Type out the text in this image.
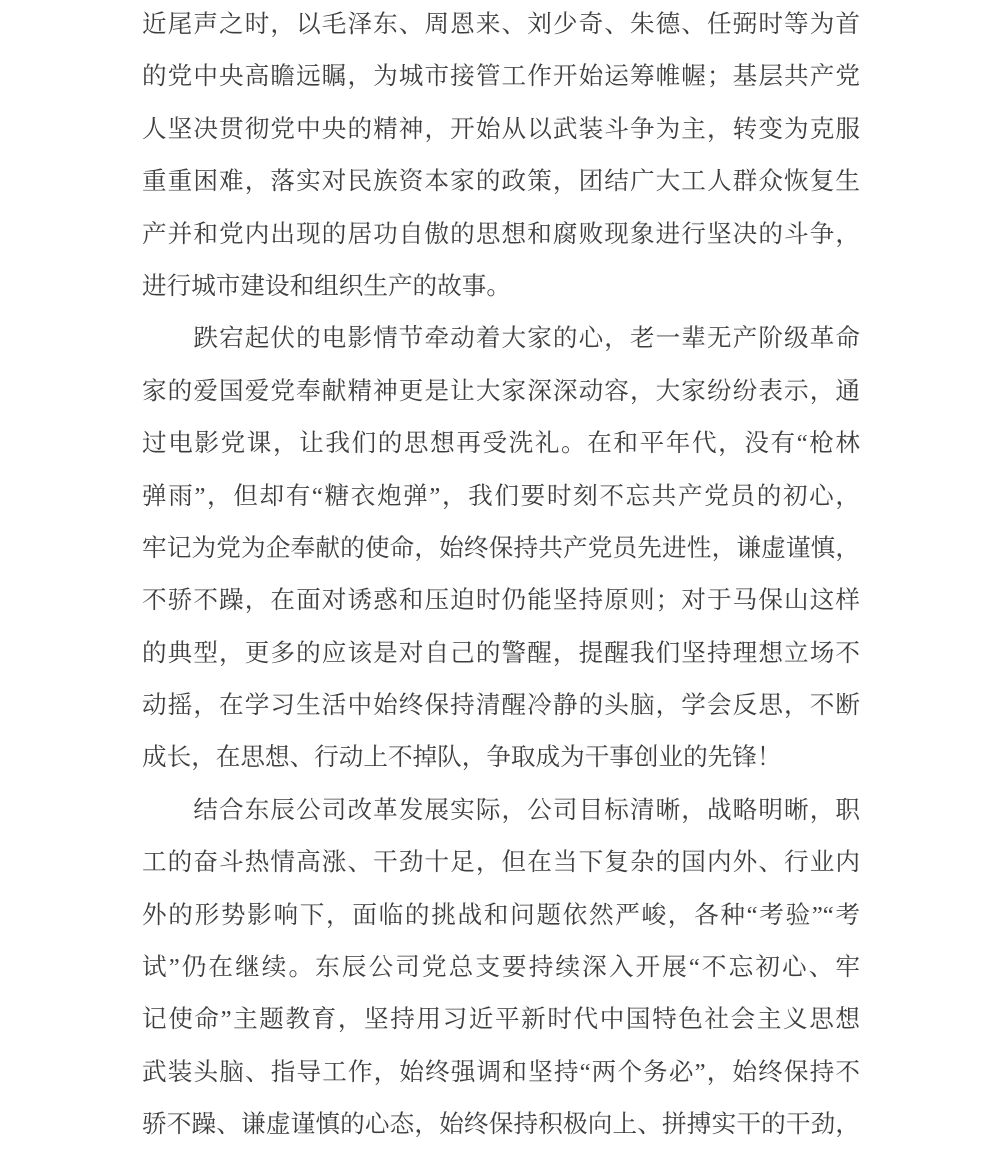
近尾声之时，以毛泽东、周恩来、刘少奇、朱德、任弼时等为首
的党中央高瞻远瞩，为城市接管工作开始运筹帷幄；基层共产党
人坚决贯彻党中央的精神，开始从以武装斗争为主，转变为克服
重重困难，落实对民族资本家的政策，团结广大工人群众恢复生
产并和党内出现的居功自傲的思想和腐败现象进行坚决的斗争，
进行城市建设和组织生产的故事。
　　跌宕起伏的电影情节牵动着大家的心，老一辈无产阶级革命
家的爱国爱党奉献精神更是让大家深深动容，大家纷纷表示，通
过电影党课，让我们的思想再受洗礼。在和平年代，没有“枪林
弹雨”，但却有“糖衣炮弹”，我们要时刻不忘共产党员的初心，
牢记为党为企奉献的使命，始终保持共产党员先进性，谦虚谨慎，
不骄不躁，在面对诱惑和压迫时仍能坚持原则；对于马保山这样
的典型，更多的应该是对自己的警醒，提醒我们坚持理想立场不
动摇，在学习生活中始终保持清醒冷静的头脑，学会反思，不断
成长，在思想、行动上不掉队，争取成为干事创业的先锋！
　　结合东辰公司改革发展实际，公司目标清晰，战略明晰，职
工的奋斗热情高涨、干劲十足，但在当下复杂的国内外、行业内
外的形势影响下，面临的挑战和问题依然严峻，各种“考验”“考
试”仍在继续。东辰公司党总支要持续深入开展“不忘初心、牢
记使命”主题教育，坚持用习近平新时代中国特色社会主义思想
武装头脑、指导工作，始终强调和坚持“两个务必”，始终保持不
骄不躁、谦虚谨慎的心态，始终保持积极向上、拼搏实干的干劲，
